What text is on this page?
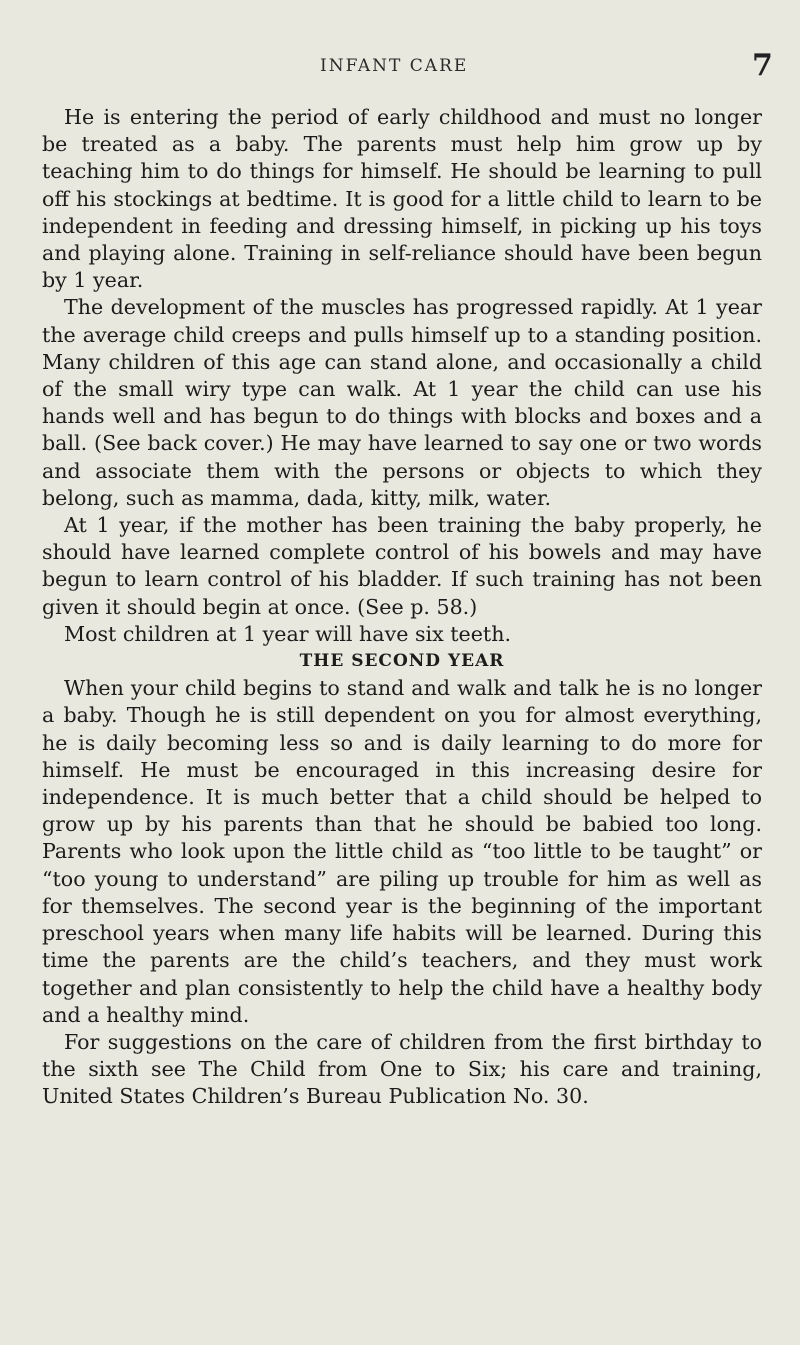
INFANT CARE	7

He is entering the period of early childhood and must no longer be treated as a baby. The parents must help him grow up by teaching him to do things for himself. He should be learning to pull off his stockings at bedtime. It is good for a little child to learn to be independent in feeding and dressing himself, in picking up his toys and playing alone. Training in self-reliance should have been begun by 1 year.

The development of the muscles has progressed rapidly. At 1 year the average child creeps and pulls himself up to a standing position. Many children of this age can stand alone, and occasionally a child of the small wiry type can walk. At 1 year the child can use his hands well and has begun to do things with blocks and boxes and a ball. (See back cover.) He may have learned to say one or two words and associate them with the persons or objects to which they belong, such as mamma, dada, kitty, milk, water.

At 1 year, if the mother has been training the baby properly, he should have learned complete control of his bowels and may have begun to learn control of his bladder. If such training has not been given it should begin at once. (See p. 58.)

Most children at 1 year will have six teeth.

THE SECOND YEAR

When your child begins to stand and walk and talk he is no longer a baby. Though he is still dependent on you for almost everything, he is daily becoming less so and is daily learning to do more for himself. He must be encouraged in this increasing desire for independence. It is much better that a child should be helped to grow up by his parents than that he should be babied too long. Parents who look upon the little child as “too little to be taught” or “too young to understand” are piling up trouble for him as well as for themselves. The second year is the beginning of the important preschool years when many life habits will be learned. During this time the parents are the child’s teachers, and they must work together and plan consistently to help the child have a healthy body and a healthy mind.

For suggestions on the care of children from the first birthday to the sixth see The Child from One to Six; his care and training, United States Children’s Bureau Publication No. 30.
